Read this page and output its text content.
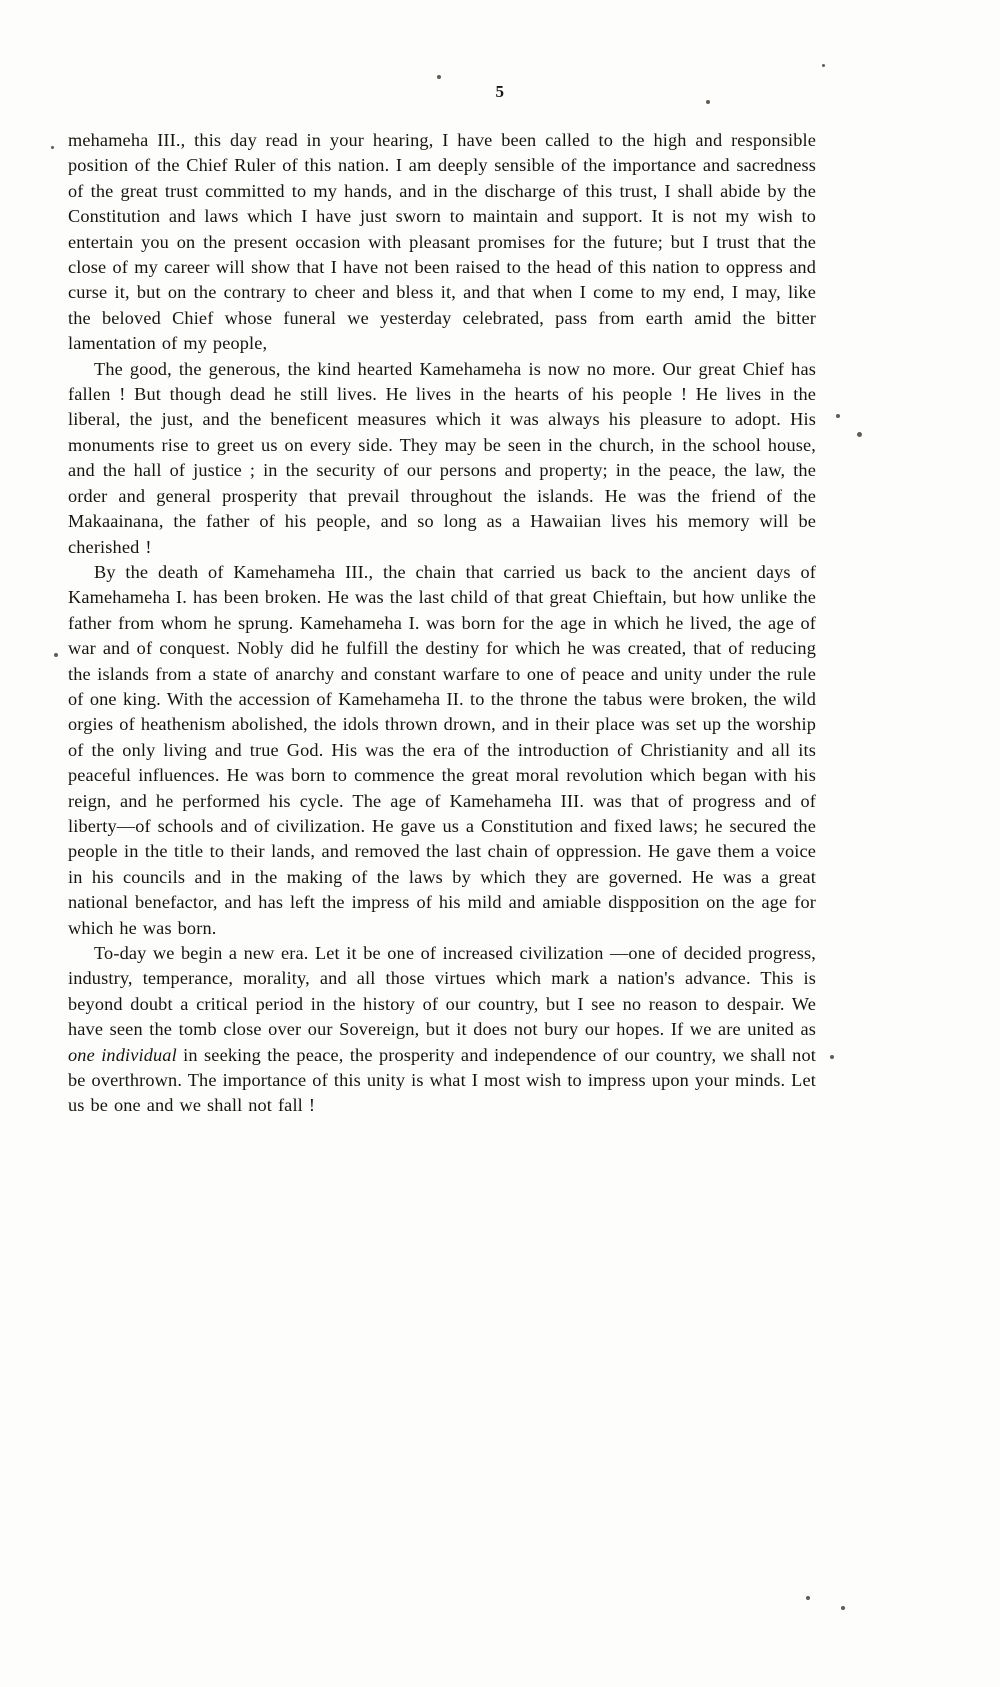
5

mehameha III., this day read in your hearing, I have been called to the high and responsible position of the Chief Ruler of this nation. I am deeply sensible of the importance and sacredness of the great trust committed to my hands, and in the discharge of this trust, I shall abide by the Constitution and laws which I have just sworn to maintain and support. It is not my wish to entertain you on the present occasion with pleasant promises for the future; but I trust that the close of my career will show that I have not been raised to the head of this nation to oppress and curse it, but on the contrary to cheer and bless it, and that when I come to my end, I may, like the beloved Chief whose funeral we yesterday celebrated, pass from earth amid the bitter lamentation of my people,

The good, the generous, the kind hearted Kamehameha is now no more. Our great Chief has fallen ! But though dead he still lives. He lives in the hearts of his people ! He lives in the liberal, the just, and the beneficent measures which it was always his pleasure to adopt. His monuments rise to greet us on every side. They may be seen in the church, in the school house, and the hall of justice ; in the security of our persons and property; in the peace, the law, the order and general prosperity that prevail throughout the islands. He was the friend of the Makaainana, the father of his people, and so long as a Hawaiian lives his memory will be cherished !

By the death of Kamehameha III., the chain that carried us back to the ancient days of Kamehameha I. has been broken. He was the last child of that great Chieftain, but how unlike the father from whom he sprung. Kamehameha I. was born for the age in which he lived, the age of war and of conquest. Nobly did he fulfill the destiny for which he was created, that of reducing the islands from a state of anarchy and constant warfare to one of peace and unity under the rule of one king. With the accession of Kamehameha II. to the throne the tabus were broken, the wild orgies of heathenism abolished, the idols thrown drown, and in their place was set up the worship of the only living and true God. His was the era of the introduction of Christianity and all its peaceful influences. He was born to commence the great moral revolution which began with his reign, and he performed his cycle. The age of Kamehameha III. was that of progress and of liberty—of schools and of civilization. He gave us a Constitution and fixed laws; he secured the people in the title to their lands, and removed the last chain of oppression. He gave them a voice in his councils and in the making of the laws by which they are governed. He was a great national benefactor, and has left the impress of his mild and amiable dispposition on the age for which he was born.

To-day we begin a new era. Let it be one of increased civilization —one of decided progress, industry, temperance, morality, and all those virtues which mark a nation's advance. This is beyond doubt a critical period in the history of our country, but I see no reason to despair. We have seen the tomb close over our Sovereign, but it does not bury our hopes. If we are united as one individual in seeking the peace, the prosperity and independence of our country, we shall not be overthrown. The importance of this unity is what I most wish to impress upon your minds. Let us be one and we shall not fall !
